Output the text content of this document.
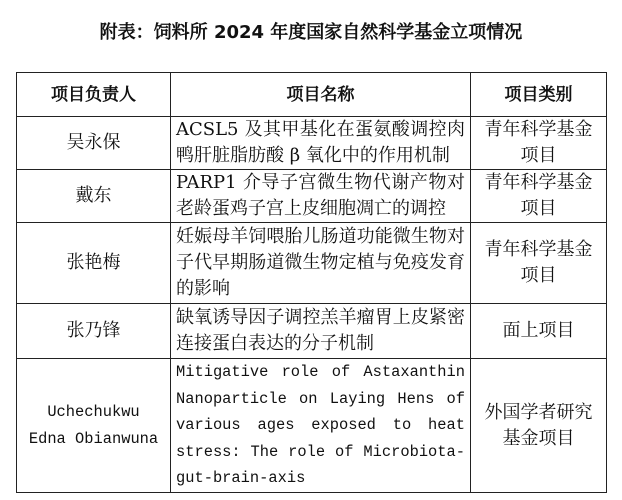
附表：饲料所 2024 年度国家自然科学基金立项情况
项目负责人	项目名称	项目类别

吴永保	ACSL5 及其甲基化在蛋氨酸调控肉鸭肝脏脂肪酸 β 氧化中的作用机制	青年科学基金项目

戴东	PARP1 介导子宫微生物代谢产物对老龄蛋鸡子宫上皮细胞凋亡的调控	青年科学基金项目

张艳梅	妊娠母羊饲喂胎儿肠道功能微生物对子代早期肠道微生物定植与免疫发育的影响	青年科学基金项目

张乃锋	缺氧诱导因子调控羔羊瘤胃上皮紧密连接蛋白表达的分子机制	面上项目

Uchechukwu Edna Obianwuna	Mitigative role of Astaxanthin Nanoparticle on Laying Hens of various ages exposed to heat stress: The role of Microbiota-gut-brain-axis	外国学者研究基金项目
